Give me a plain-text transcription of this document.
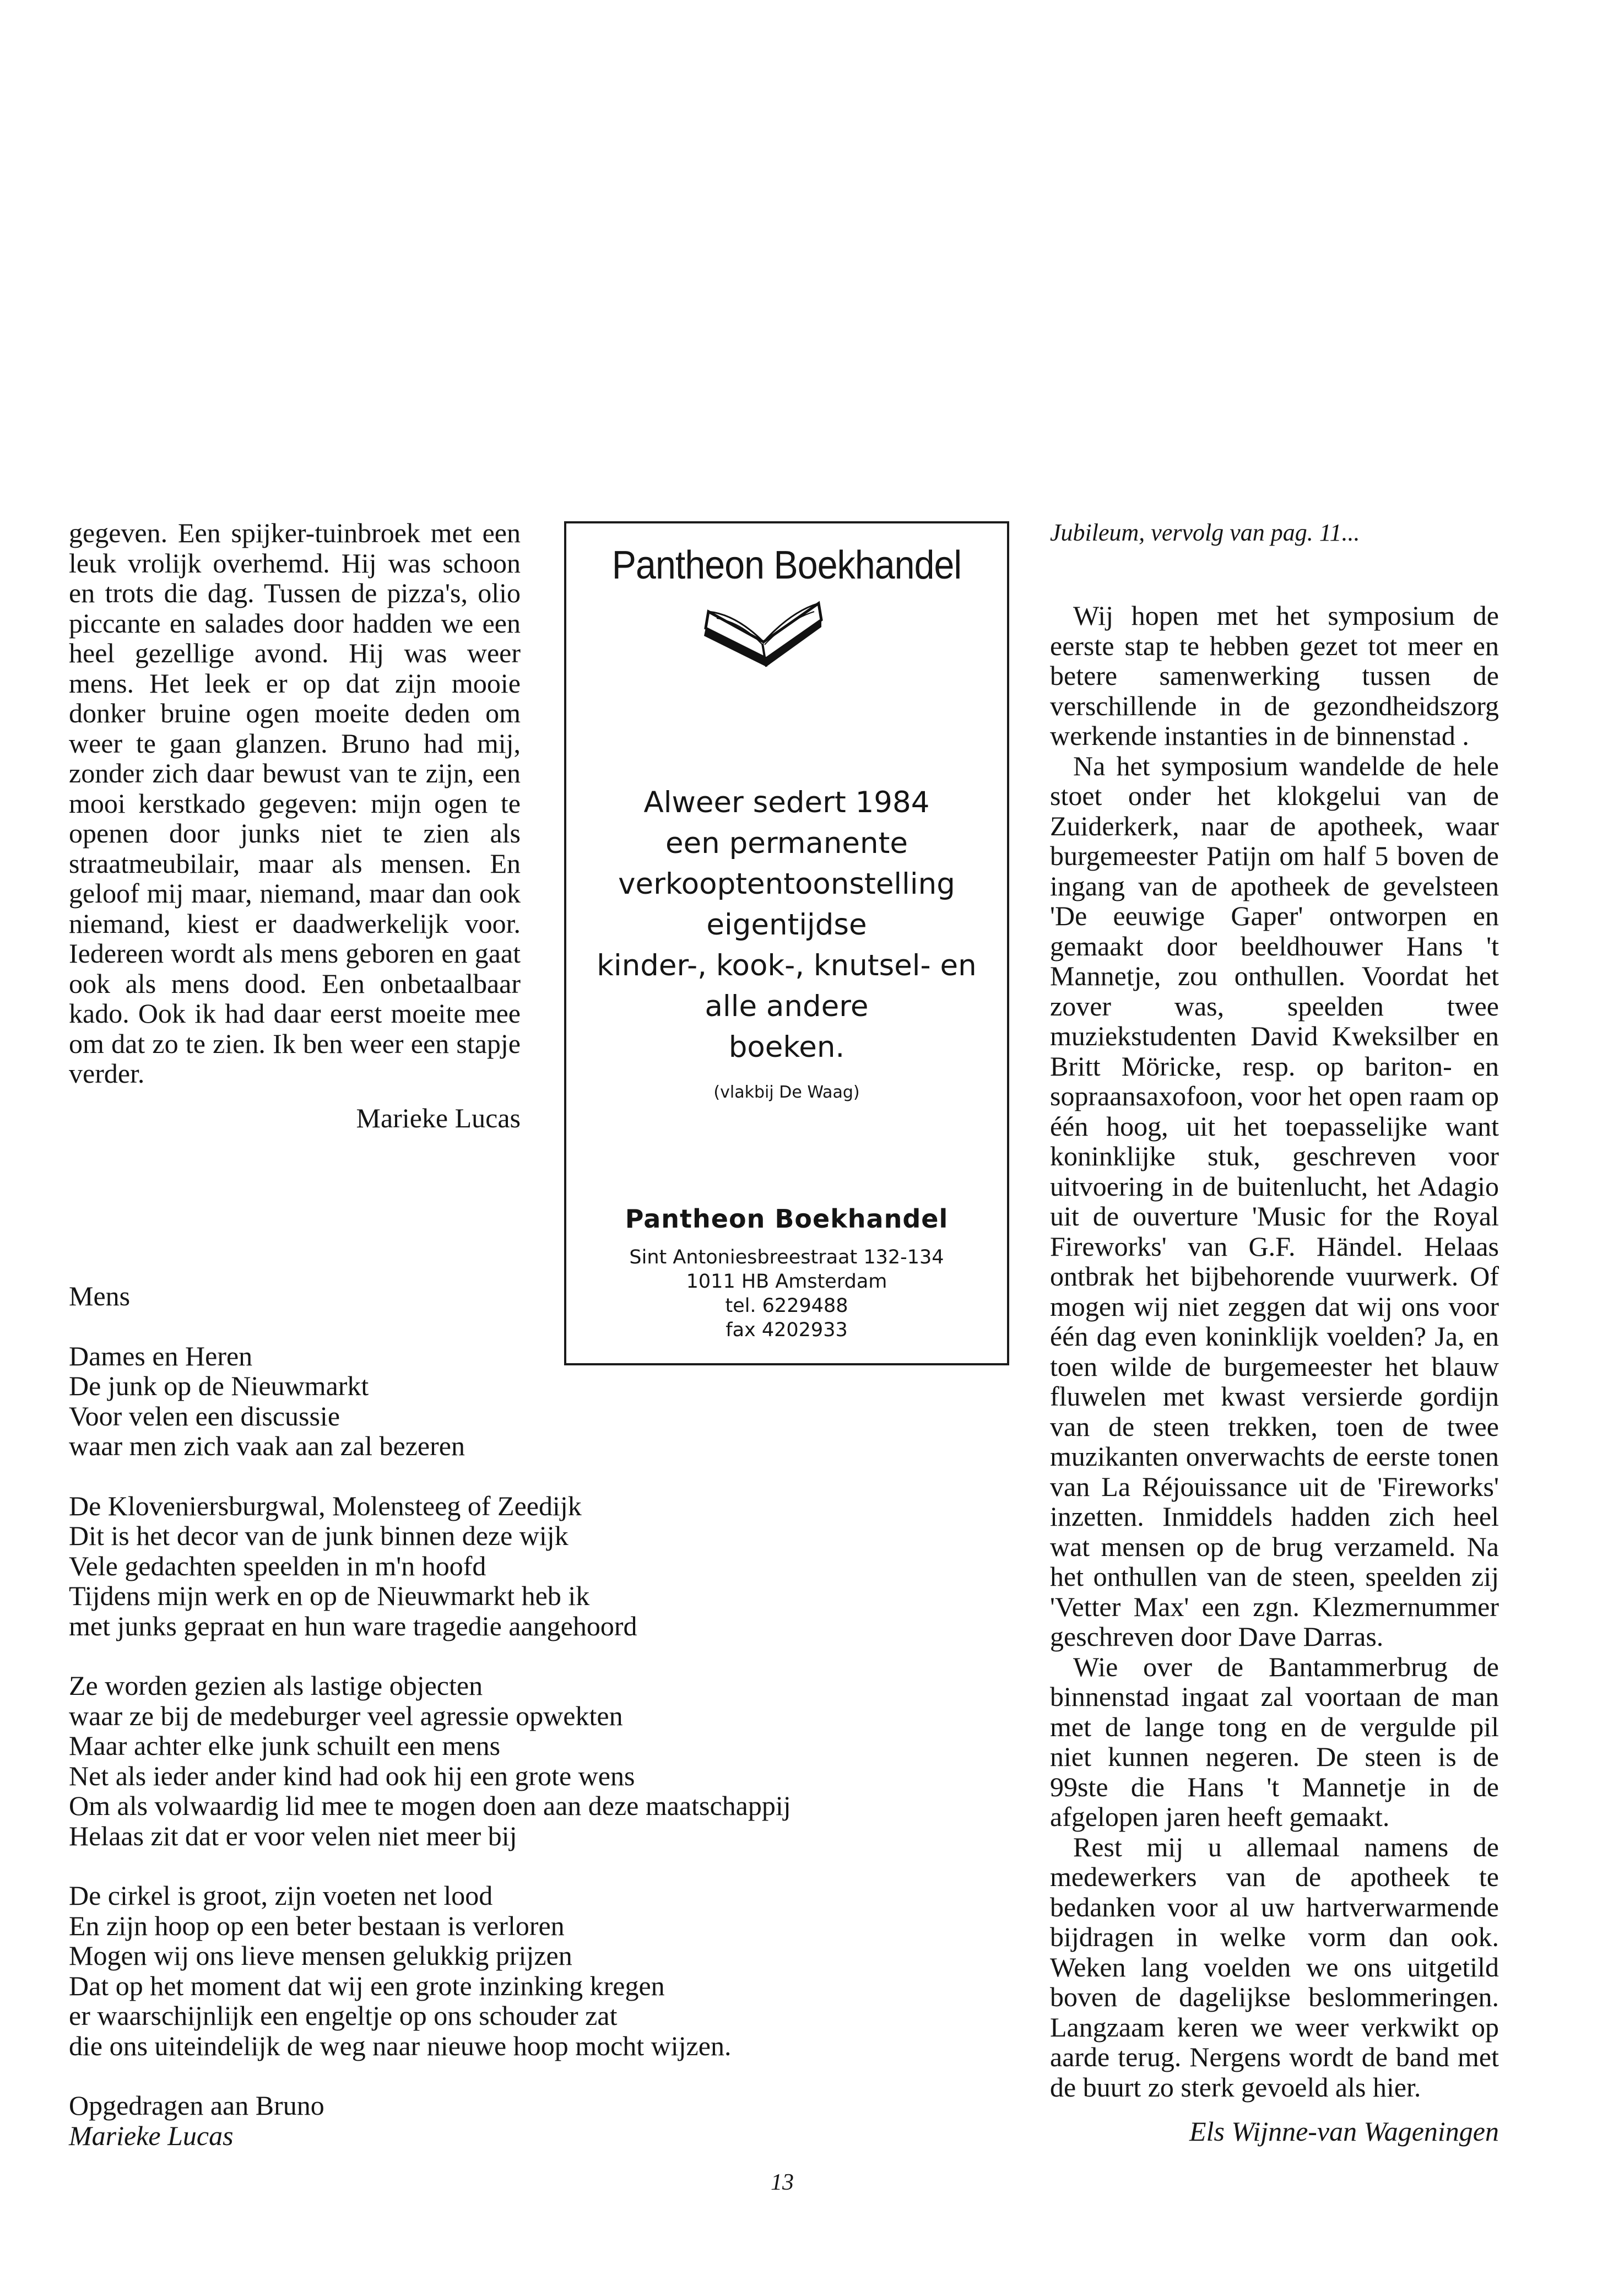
gegeven. Een spijker-tuinbroek met een leuk vrolijk overhemd. Hij was schoon en trots die dag. Tussen de pizza's, olio piccante en salades door hadden we een heel gezellige avond. Hij was weer mens. Het leek er op dat zijn mooie donker bruine ogen moeite deden om weer te gaan glanzen. Bruno had mij, zonder zich daar bewust van te zijn, een mooi kerstkado gegeven: mijn ogen te openen door junks niet te zien als straatmeubilair, maar als mensen. En geloof mij maar, niemand, maar dan ook niemand, kiest er daadwerkelijk voor. Iedereen wordt als mens geboren en gaat ook als mens dood. Een onbetaalbaar kado. Ook ik had daar eerst moeite mee om dat zo te zien. Ik ben weer een stapje verder.

Marieke Lucas
Mens
Dames en Heren
De junk op de Nieuwmarkt
Voor velen een discussie
waar men zich vaak aan zal bezeren
De Kloveniersburgwal, Molensteeg of Zeedijk
Dit is het decor van de junk binnen deze wijk
Vele gedachten speelden in m'n hoofd
Tijdens mijn werk en op de Nieuwmarkt heb ik
met junks gepraat en hun ware tragedie aangehoord
Ze worden gezien als lastige objecten
waar ze bij de medeburger veel agressie opwekten
Maar achter elke junk schuilt een mens
Net als ieder ander kind had ook hij een grote wens
Om als volwaardig lid mee te mogen doen aan deze maatschappij
Helaas zit dat er voor velen niet meer bij
De cirkel is groot, zijn voeten net lood
En zijn hoop op een beter bestaan is verloren
Mogen wij ons lieve mensen gelukkig prijzen
Dat op het moment dat wij een grote inzinking kregen
er waarschijnlijk een engeltje op ons schouder zat
die ons uiteindelijk de weg naar nieuwe hoop mocht wijzen.
Opgedragen aan Bruno
Marieke Lucas
Pantheon Boekhandel
Alweer sedert 1984
een permanente
verkooptentoonstelling
eigentijdse
kinder-, kook-, knutsel- en
alle andere
boeken.
(vlakbij De Waag)
Pantheon Boekhandel
Sint Antoniesbreestraat 132-134
1011 HB Amsterdam
tel. 6229488
fax 4202933
Jubileum, vervolg van pag. 11...

Wij hopen met het symposium de eerste stap te hebben gezet tot meer en betere samenwerking tussen de verschillende in de gezondheidszorg werkende instanties in de binnenstad .

Na het symposium wandelde de hele stoet onder het klokgelui van de Zuiderkerk, naar de apotheek, waar burgemeester Patijn om half 5 boven de ingang van de apotheek de gevelsteen 'De eeuwige Gaper' ontworpen en gemaakt door beeldhouwer Hans 't Mannetje, zou onthullen. Voordat het zover was, speelden twee muziekstudenten David Kweksilber en Britt Möricke, resp. op bariton- en sopraansaxofoon, voor het open raam op één hoog, uit het toepasselijke want koninklijke stuk, geschreven voor uitvoering in de buitenlucht, het Adagio uit de ouverture 'Music for the Royal Fireworks' van G.F. Händel. Helaas ontbrak het bijbehorende vuurwerk. Of mogen wij niet zeggen dat wij ons voor één dag even koninklijk voelden? Ja, en toen wilde de burgemeester het blauw fluwelen met kwast versierde gordijn van de steen trekken, toen de twee muzikanten onverwachts de eerste tonen van La Réjouissance uit de 'Fireworks' inzetten. Inmiddels hadden zich heel wat mensen op de brug verzameld. Na het onthullen van de steen, speelden zij 'Vetter Max' een zgn. Klezmernummer geschreven door Dave Darras.

Wie over de Bantammerbrug de binnenstad ingaat zal voortaan de man met de lange tong en de vergulde pil niet kunnen negeren. De steen is de 99ste die Hans 't Mannetje in de afgelopen jaren heeft gemaakt.

Rest mij u allemaal namens de medewerkers van de apotheek te bedanken voor al uw hartverwarmende bijdragen in welke vorm dan ook. Weken lang voelden we ons uitgetild boven de dagelijkse beslommeringen. Langzaam keren we weer verkwikt op aarde terug. Nergens wordt de band met de buurt zo sterk gevoeld als hier.

Els Wijnne-van Wageningen
13
